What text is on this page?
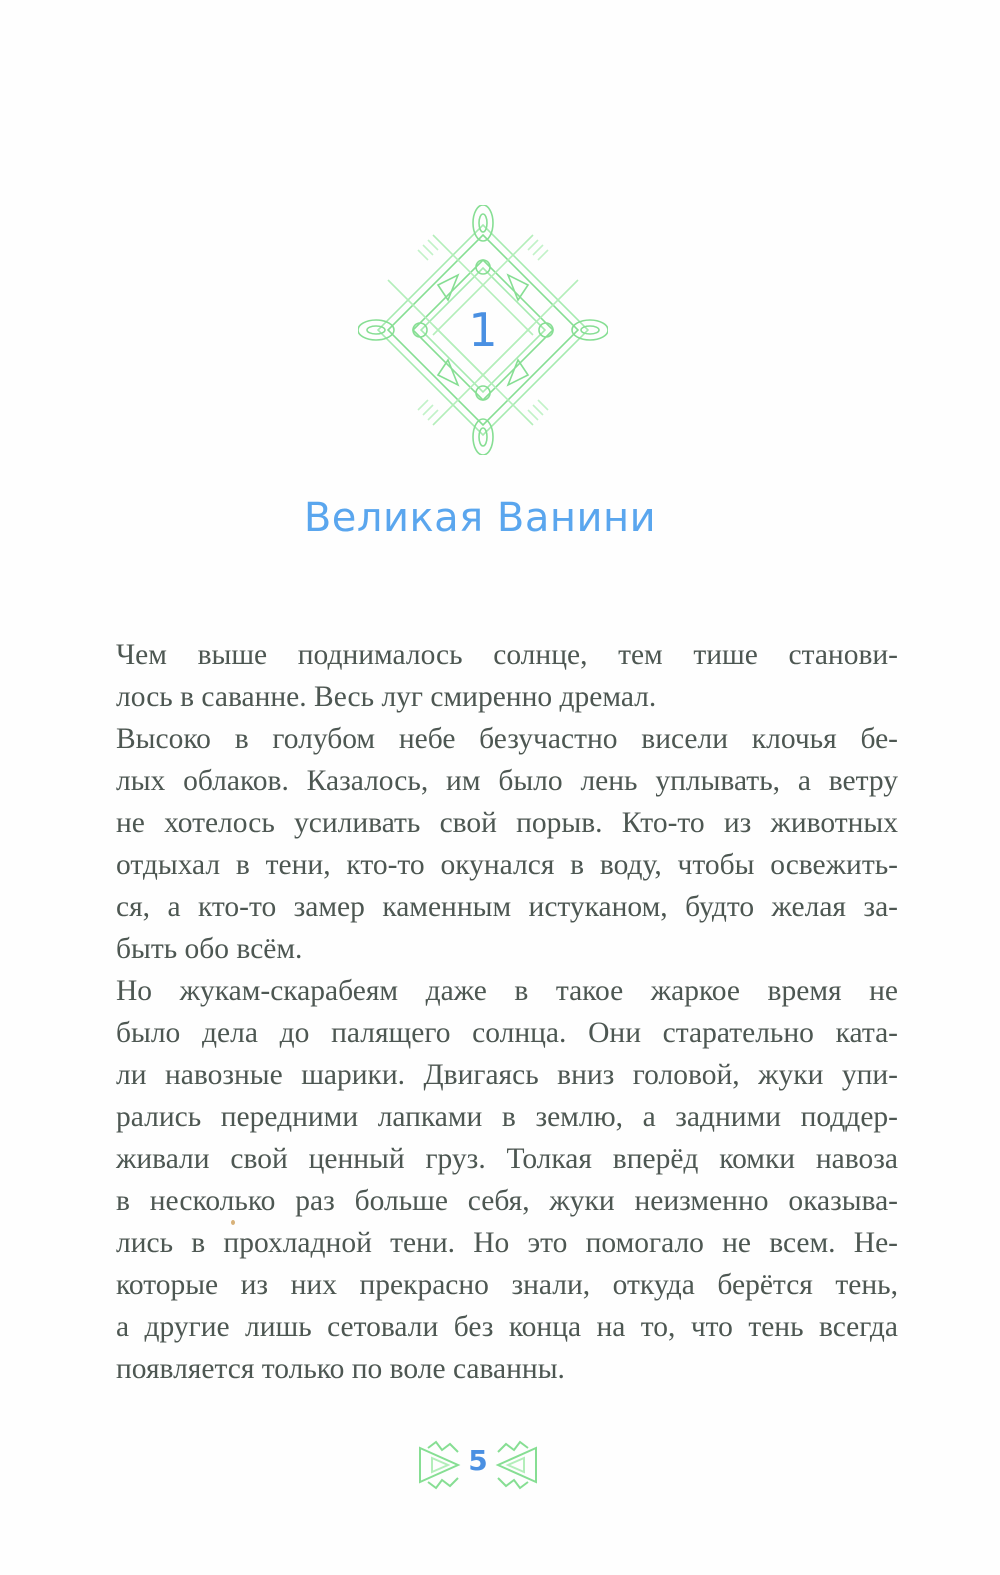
1
Великая Ванини

Чем выше поднималось солнце, тем тише станови-
лось в саванне. Весь луг смиренно дремал.

Высоко в голубом небе безучастно висели клочья бе-
лых облаков. Казалось, им было лень уплывать, а ветру
не хотелось усиливать свой порыв. Кто-то из животных
отдыхал в тени, кто-то окунался в воду, чтобы освежить-
ся, а кто-то замер каменным истуканом, будто желая за-
быть обо всём.

Но жукам-скарабеям даже в такое жаркое время не
было дела до палящего солнца. Они старательно ката-
ли навозные шарики. Двигаясь вниз головой, жуки упи-
рались передними лапками в землю, а задними поддер-
живали свой ценный груз. Толкая вперёд комки навоза
в несколько раз больше себя, жуки неизменно оказыва-
лись в прохладной тени. Но это помогало не всем. Не-
которые из них прекрасно знали, откуда берётся тень,
а другие лишь сетовали без конца на то, что тень всегда
появляется только по воле саванны.

5
